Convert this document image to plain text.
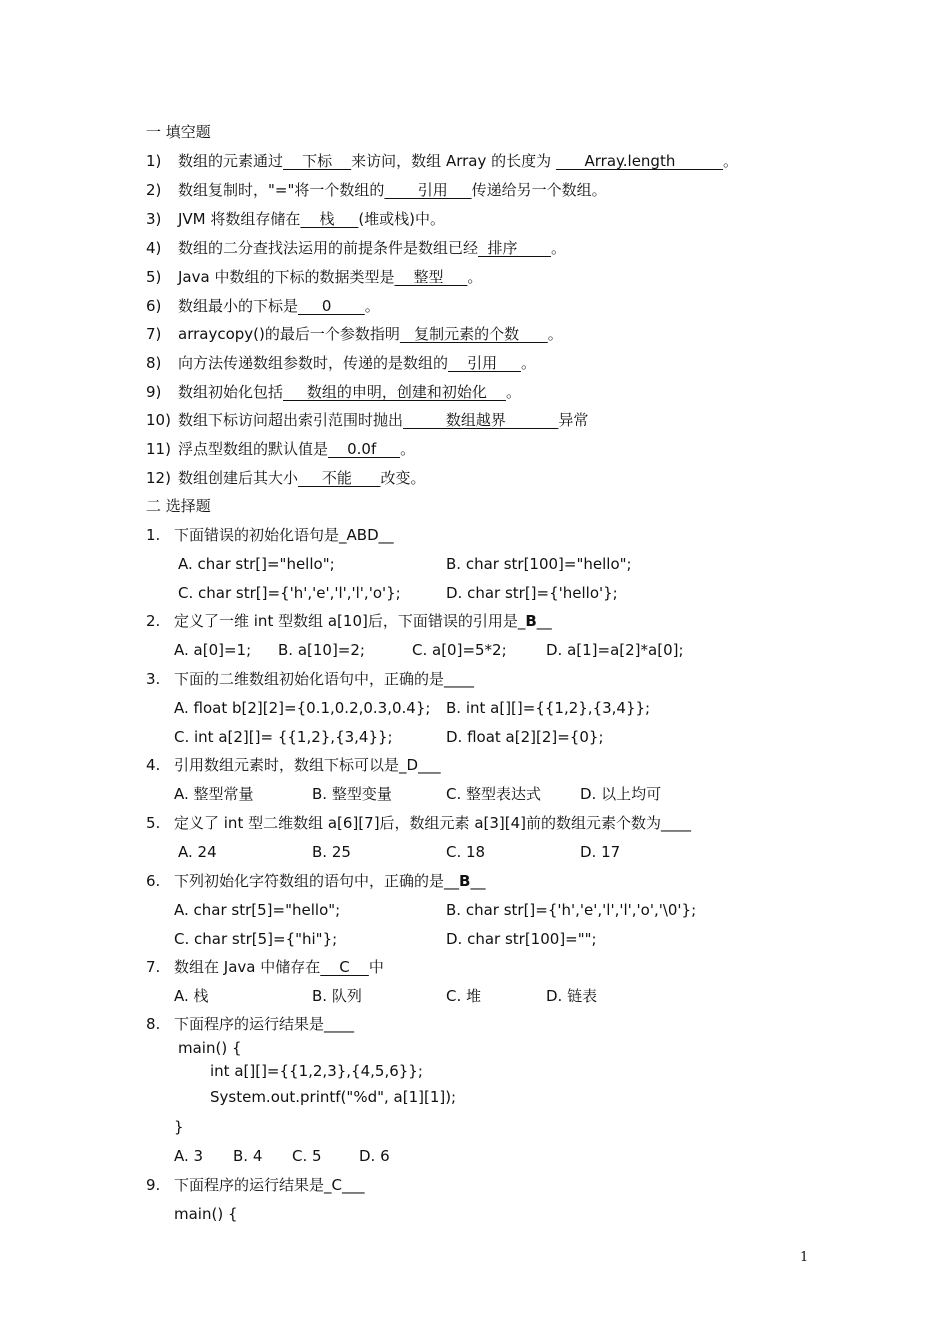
一 填空题
1) 数组的元素通过    下标    来访问，数组 Array 的长度为       Array.length          。
2) 数组复制时，"="将一个数组的       引用     传递给另一个数组。
3) JVM 将数组存储在    栈     (堆或栈)中。
4) 数组的二分查找法运用的前提条件是数组已经  排序       。
5) Java 中数组的下标的数据类型是    整型     。
6) 数组最小的下标是     0       。
7) arraycopy()的最后一个参数指明   复制元素的个数      。
8) 向方法传递数组参数时，传递的是数组的    引用     。
9) 数组初始化包括     数组的申明，创建和初始化    。
10) 数组下标访问超出索引范围时抛出         数组越界           异常
11) 浮点型数组的默认值是    0.0f     。
12) 数组创建后其大小     不能      改变。
二 选择题
1. 下面错误的初始化语句是_ABD__
A. char str[]="hello";	B. char str[100]="hello";
C. char str[]={'h','e','l','l','o'};	D. char str[]={'hello'};
2. 定义了一维 int 型数组 a[10]后，下面错误的引用是_B__
A. a[0]=1; B. a[10]=2;	C. a[0]=5*2;	D. a[1]=a[2]*a[0];
3. 下面的二维数组初始化语句中，正确的是____
A. float b[2][2]={0.1,0.2,0.3,0.4}; B. int a[][]={{1,2},{3,4}};
C. int a[2][]= {{1,2},{3,4}};	D. float a[2][2]={0};
4. 引用数组元素时，数组下标可以是_D___
A. 整型常量	B. 整型变量	C. 整型表达式	D. 以上均可
5. 定义了 int 型二维数组 a[6][7]后，数组元素 a[3][4]前的数组元素个数为____
A. 24	B. 25	C. 18	D. 17
6. 下列初始化字符数组的语句中，正确的是__B__
A. char str[5]="hello";	B. char str[]={'h','e','l','l','o','\0'};
C. char str[5]={"hi"};	D. char str[100]="";
7. 数组在 Java 中储存在    C    中
A. 栈	B. 队列	C. 堆	D. 链表
8. 下面程序的运行结果是____
main() {
int a[][]={{1,2,3},{4,5,6}};
System.out.printf("%d", a[1][1]);
}
A. 3 B. 4 C. 5 D. 6
9. 下面程序的运行结果是_C___
main() {
1
